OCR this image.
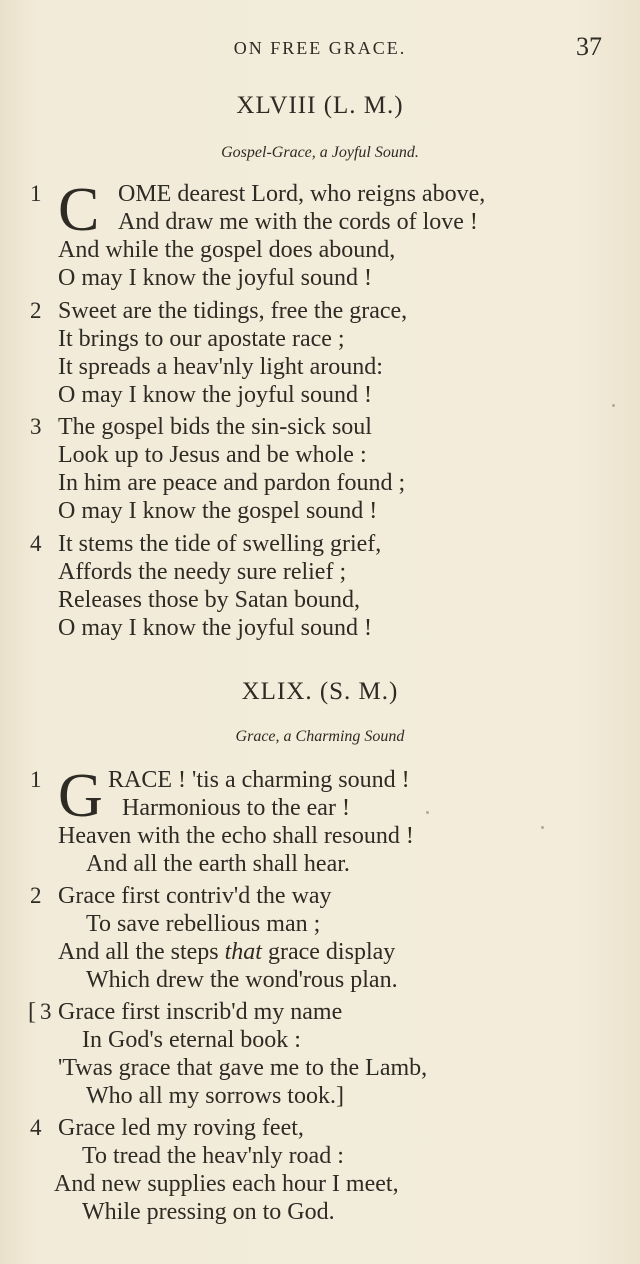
ON FREE GRACE.	37
XLVIII (L. M.)
Gospel-Grace, a Joyful Sound.
C
1	OME dearest Lord, who reigns above,
And draw me with the cords of love !
And while the gospel does abound,
O may I know the joyful sound !
2 Sweet are the tidings, free the grace,
It brings to our apostate race ;
It spreads a heav'nly light around:
O may I know the joyful sound !
3 The gospel bids the sin-sick soul
Look up to Jesus and be whole :
In him are peace and pardon found ;
O may I know the gospel sound !
4 It stems the tide of swelling grief,
Affords the needy sure relief ;
Releases those by Satan bound,
O may I know the joyful sound !
XLIX. (S. M.)
Grace, a Charming Sound
G
1	RACE ! 'tis a charming sound !
Harmonious to the ear !
Heaven with the echo shall resound !
And all the earth shall hear.
2 Grace first contriv'd the way
To save rebellious man ;
And all the steps that grace display
Which drew the wond'rous plan.
[ 3 Grace first inscrib'd my name
In God's eternal book :
'Twas grace that gave me to the Lamb,
Who all my sorrows took.]
4 Grace led my roving feet,
To tread the heav'nly road :
And new supplies each hour I meet,
While pressing on to God.
